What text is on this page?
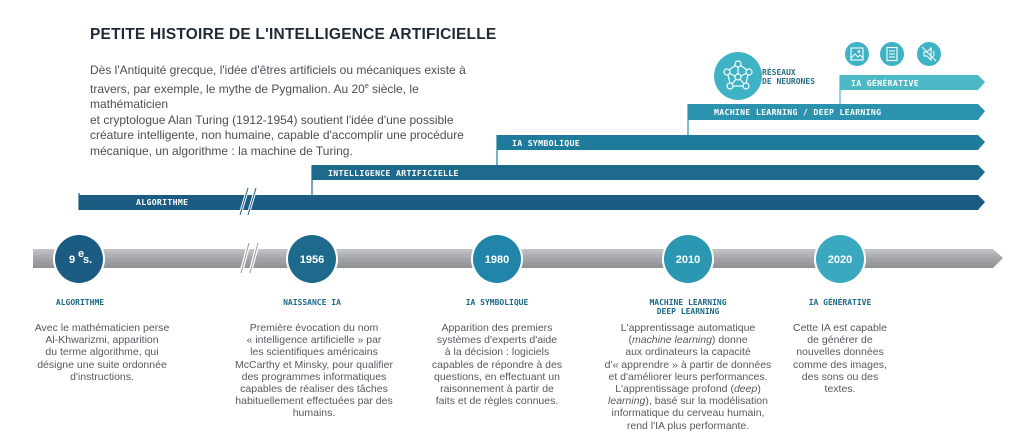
PETITE HISTOIRE DE L'INTELLIGENCE ARTIFICIELLE

Dès l'Antiquité grecque, l'idée d'êtres artificiels ou mécaniques existe à

travers, par exemple, le mythe de Pygmalion. Au 20e siècle, le mathématicien

et cryptologue Alan Turing (1912-1954) soutient l'idée d'une possible

créature intelligente, non humaine, capable d'accomplir une procédure

mécanique, un algorithme : la machine de Turing.

ALGORITHME
INTELLIGENCE ARTIFICIELLE
IA SYMBOLIQUE
MACHINE LEARNING / DEEP LEARNING
IA GÉNÉRATIVE
9 e
s.	1956	1980	2010	2020
RÉSEAUX
DE NEURONES
ALGORITHME	NAISSANCE IA	IA SYMBOLIQUE	MACHINE LEARNING
DEEP LEARNING
IA GÉNÉRATIVE
Avec le mathématicien perse
Al-Khwarizmi, apparition
du terme algorithme, qui
désigne une suite ordonnée
d'instructions.
Première évocation du nom
« intelligence artificielle » par
les scientifiques américains
McCarthy et Minsky, pour qualifier
des programmes informatiques
capables de réaliser des tâches
habituellement effectuées par des
humains.
Apparition des premiers
systèmes d'experts d'aide
à la décision : logiciels
capables de répondre à des
questions, en effectuant un
raisonnement à partir de
faits et de règles connues.
L'apprentissage automatique
(machine learning) donne
aux ordinateurs la capacité
d'« apprendre » à partir de données
et d'améliorer leurs performances.
L'apprentissage profond (deep)
learning), basé sur la modélisation
informatique du cerveau humain,
rend l'IA plus performante.
Cette IA est capable
de générer de
nouvelles données
comme des images,
des sons ou des
textes.
